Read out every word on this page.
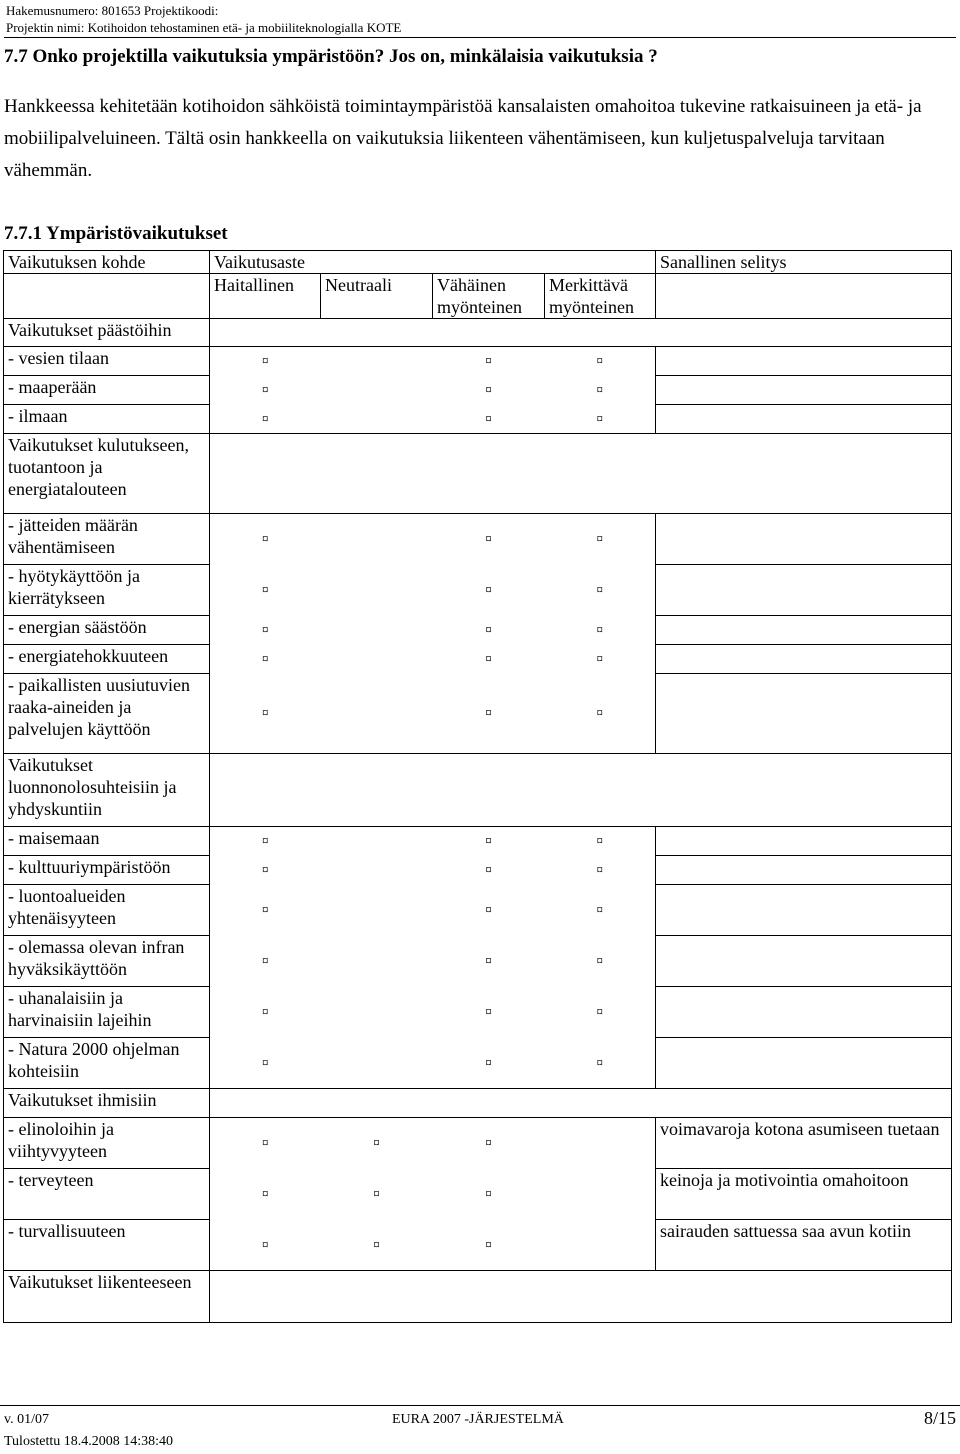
Hakemusnumero: 801653 Projektikoodi:
Projektin nimi: Kotihoidon tehostaminen etä- ja mobiiliteknologialla KOTE
7.7 Onko projektilla vaikutuksia ympäristöön? Jos on, minkälaisia vaikutuksia ?
Hankkeessa kehitetään kotihoidon sähköistä toimintaympäristöä kansalaisten omahoitoa tukevine ratkaisuineen ja etä- ja mobiilipalveluineen. Tältä osin hankkeella on vaikutuksia liikenteen vähentämiseen, kun kuljetuspalveluja tarvitaan vähemmän.
7.7.1 Ympäristövaikutukset
Vaikutuksen kohde	Vaikutusaste				Sanallinen selitys
	Haitallinen	Neutraali	Vähäinen myönteinen	Merkittävä myönteinen	
Vaikutukset päästöihin					
- vesien tilaan	¤		¤	¤	
- maaperään	¤		¤	¤	
- ilmaan	¤		¤	¤	
Vaikutukset kulutukseen, tuotantoon ja energiatalouteen					
- jätteiden määrän vähentämiseen	¤		¤	¤	
- hyötykäyttöön ja kierrätykseen	¤		¤	¤	
- energian säästöön	¤		¤	¤	
- energiatehokkuuteen	¤		¤	¤	
- paikallisten uusiutuvien raaka-aineiden ja palvelujen käyttöön	¤		¤	¤	
Vaikutukset luonnonolosuhteisiin ja yhdyskuntiin					
- maisemaan	¤		¤	¤	
- kulttuuriympäristöön	¤		¤	¤	
- luontoalueiden yhtenäisyyteen	¤		¤	¤	
- olemassa olevan infran hyväksikäyttöön	¤		¤	¤	
- uhanalaisiin ja harvinaisiin lajeihin	¤		¤	¤	
- Natura 2000 ohjelman kohteisiin	¤		¤	¤	
Vaikutukset ihmisiin					
- elinoloihin ja viihtyvyyteen	¤	¤	¤		voimavaroja kotona asumiseen tuetaan
- terveyteen	¤	¤	¤		keinoja ja motivointia omahoitoon
- turvallisuuteen	¤	¤	¤		sairauden sattuessa saa avun kotiin
Vaikutukset liikenteeseen					
v. 01/07	EURA 2007 -JÄRJESTELMÄ	8/15
Tulostettu 18.4.2008 14:38:40
